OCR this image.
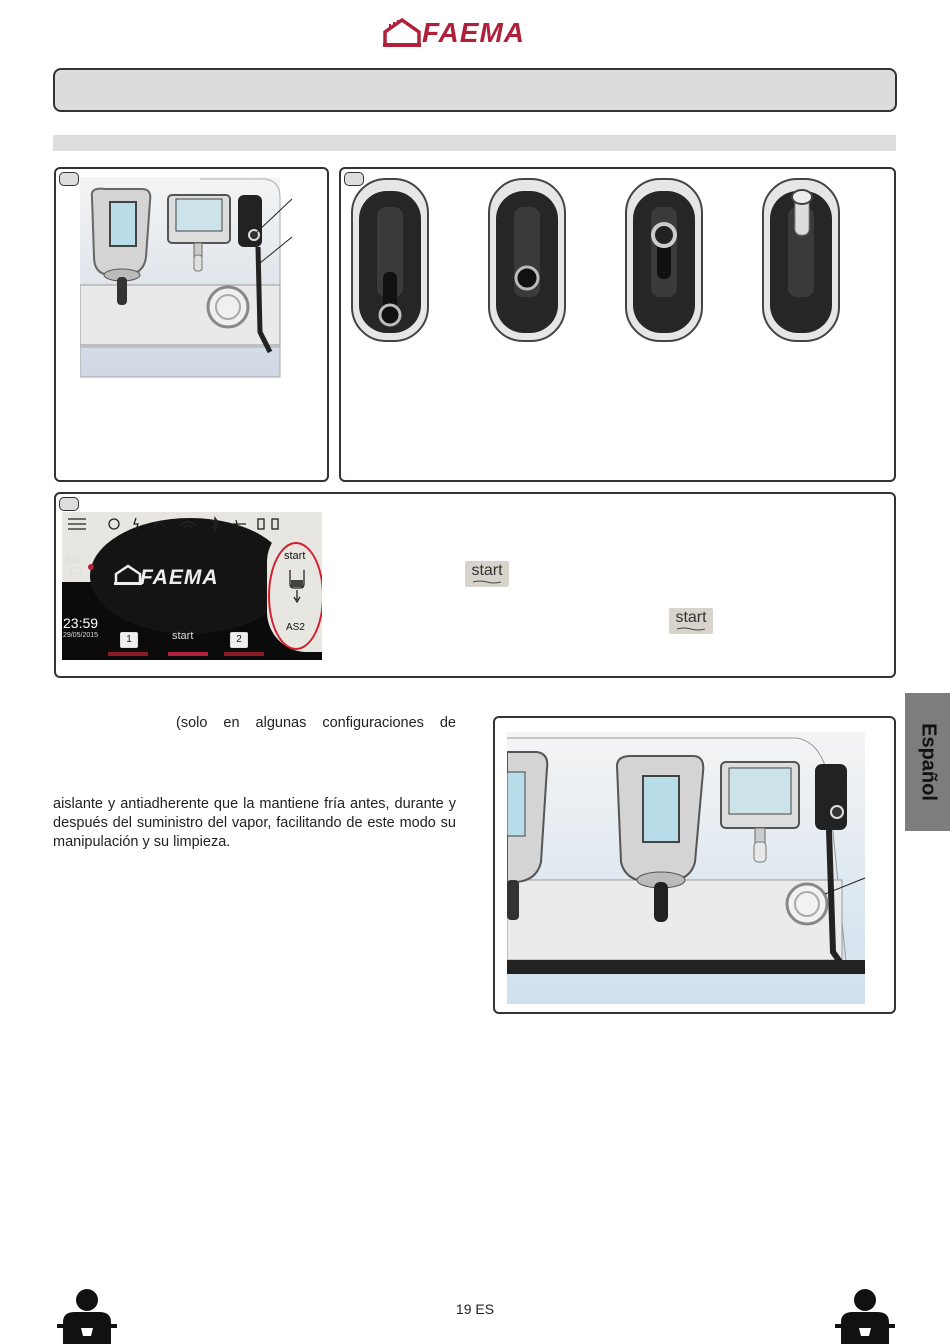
FAEMA
bar
1.3	FAEMA
23:59
29/05/2015
start
AS2
1	start	2
start
start
(solo en algunas configuraciones de
aislante y antiadherente que la mantiene fría antes, durante y después del suministro del vapor, facilitando de este modo su manipulación y su limpieza.
Español
19 ES
